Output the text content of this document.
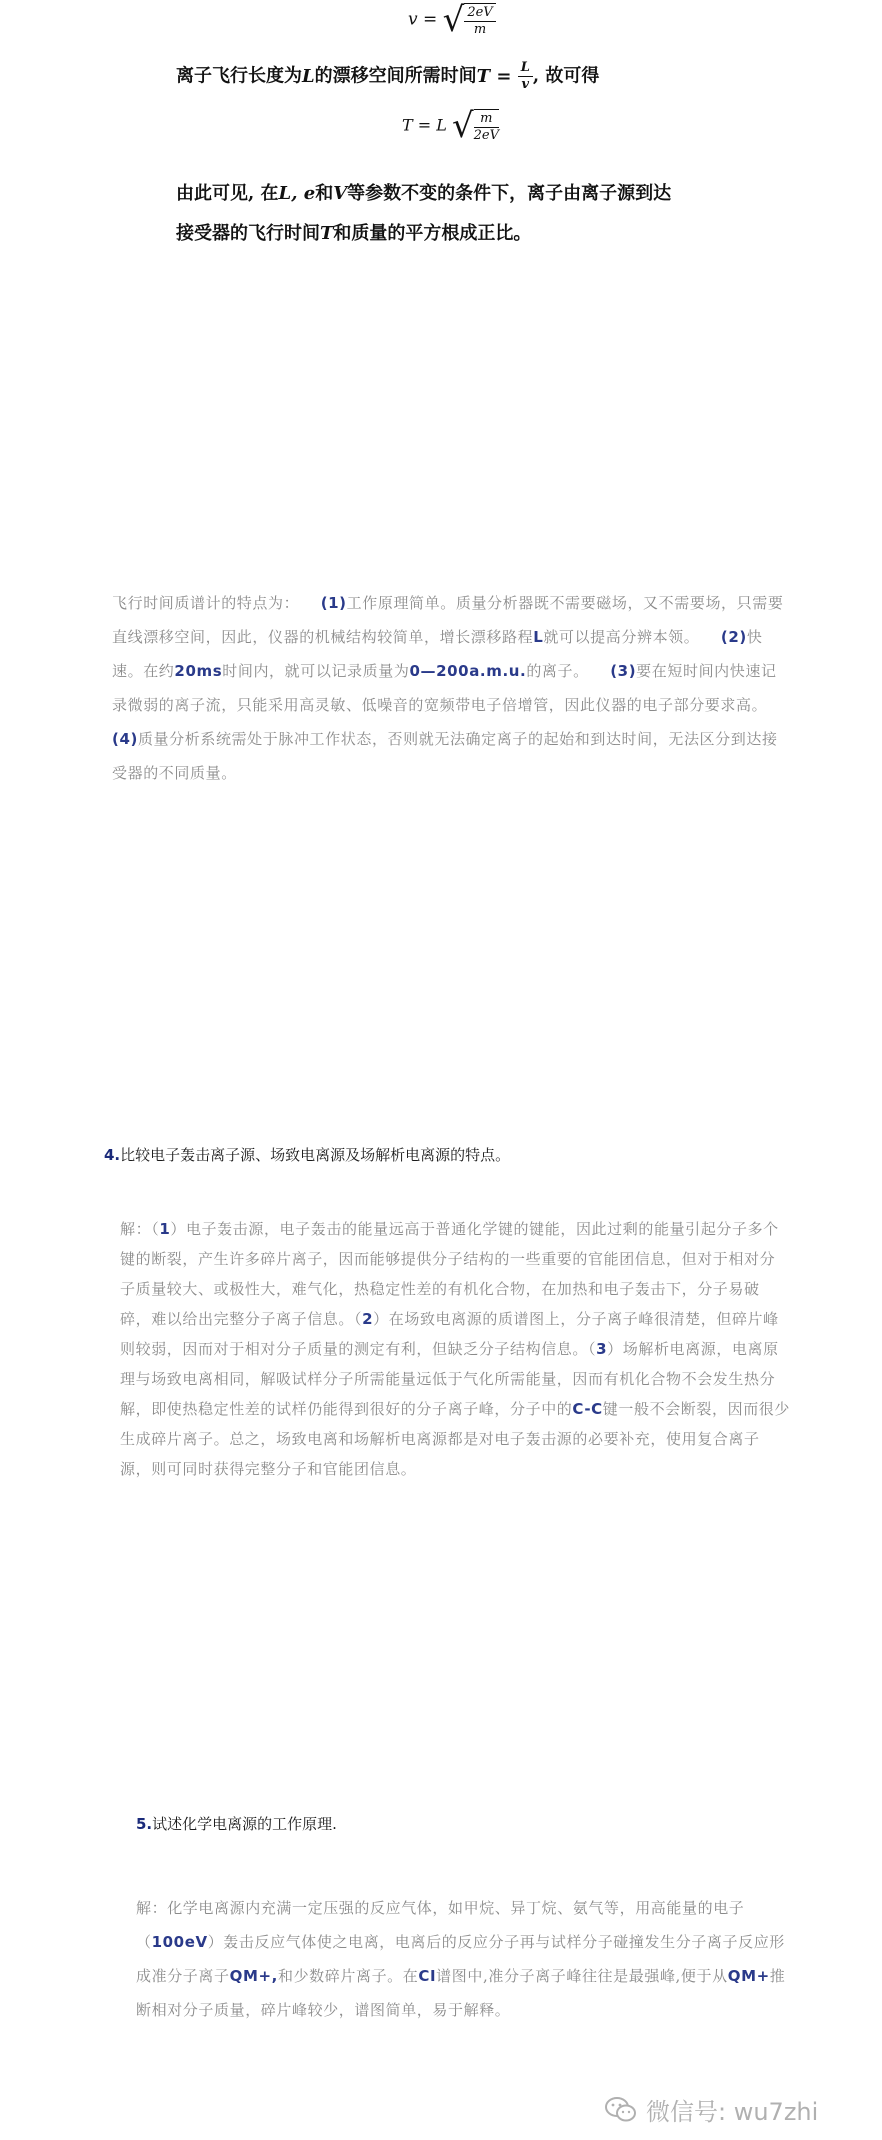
v = √ $\frac{2eV}{m}$
离子飞行长度为L的漂移空间所需时间$T = \frac{L}{v}$ , 故可得
T = L √ $\frac{m}{2eV}$
由此可见, 在L, e和V等参数不变的条件下，离子由离子源到达
接受器的飞行时间T和质量的平方根成正比。
飞行时间质谱计的特点为： (1)工作原理简单。质量分析器既不需要磁场，又不需要场，只需要直线漂移空间，因此，仪器的机械结构较简单，增长漂移路程L就可以提高分辨本领。 (2)快速。在约20ms时间内，就可以记录质量为0—200a.m.u.的离子。 (3)要在短时间内快速记录微弱的离子流，只能采用高灵敏、低噪音的宽频带电子倍增管，因此仪器的电子部分要求高。    (4)质量分析系统需处于脉冲工作状态，否则就无法确定离子的起始和到达时间，无法区分到达接受器的不同质量。
4.比较电子轰击离子源、场致电离源及场解析电离源的特点。
解：（1）电子轰击源，电子轰击的能量远高于普通化学键的键能，因此过剩的能量引起分子多个键的断裂，产生许多碎片离子，因而能够提供分子结构的一些重要的官能团信息，但对于相对分子质量较大、或极性大，难气化，热稳定性差的有机化合物，在加热和电子轰击下，分子易破碎，难以给出完整分子离子信息。（2）在场致电离源的质谱图上，分子离子峰很清楚，但碎片峰则较弱，因而对于相对分子质量的测定有利，但缺乏分子结构信息。（3）场解析电离源，电离原理与场致电离相同，解吸试样分子所需能量远低于气化所需能量，因而有机化合物不会发生热分解，即使热稳定性差的试样仍能得到很好的分子离子峰，分子中的C-C键一般不会断裂，因而很少生成碎片离子。总之，场致电离和场解析电离源都是对电子轰击源的必要补充，使用复合离子源，则可同时获得完整分子和官能团信息。
5.试述化学电离源的工作原理.
解：化学电离源内充满一定压强的反应气体，如甲烷、异丁烷、氨气等，用高能量的电子（100eV）轰击反应气体使之电离，电离后的反应分子再与试样分子碰撞发生分子离子反应形成准分子离子QM+,和少数碎片离子。在CI谱图中,准分子离子峰往往是最强峰,便于从QM+推断相对分子质量，碎片峰较少，谱图简单，易于解释。
微信号: wu7zhi
